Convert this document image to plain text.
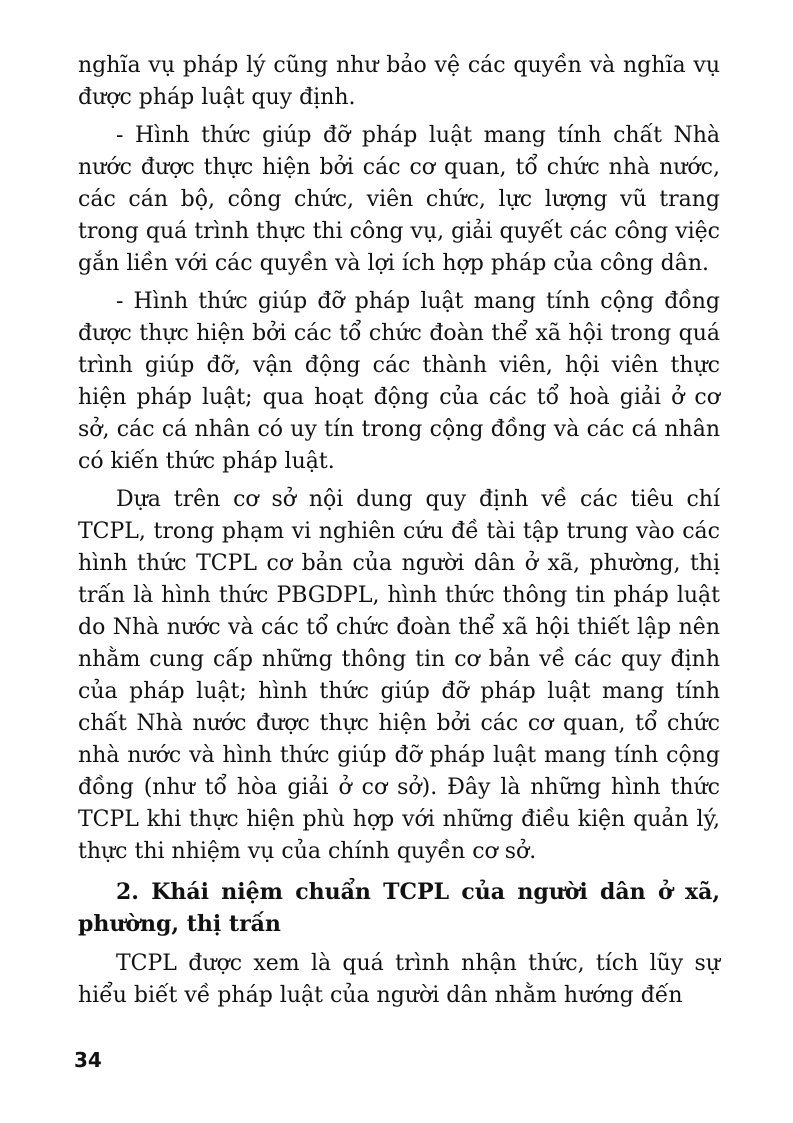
nghĩa vụ pháp lý cũng như bảo vệ các quyền và nghĩa vụ được pháp luật quy định.

- Hình thức giúp đỡ pháp luật mang tính chất Nhà nước được thực hiện bởi các cơ quan, tổ chức nhà nước, các cán bộ, công chức, viên chức, lực lượng vũ trang trong quá trình thực thi công vụ, giải quyết các công việc gắn liền với các quyền và lợi ích hợp pháp của công dân.

- Hình thức giúp đỡ pháp luật mang tính cộng đồng được thực hiện bởi các tổ chức đoàn thể xã hội trong quá trình giúp đỡ, vận động các thành viên, hội viên thực hiện pháp luật; qua hoạt động của các tổ hoà giải ở cơ sở, các cá nhân có uy tín trong cộng đồng và các cá nhân có kiến thức pháp luật.

Dựa trên cơ sở nội dung quy định về các tiêu chí TCPL, trong phạm vi nghiên cứu đề tài tập trung vào các hình thức TCPL cơ bản của người dân ở xã, phường, thị trấn là hình thức PBGDPL, hình thức thông tin pháp luật do Nhà nước và các tổ chức đoàn thể xã hội thiết lập nên nhằm cung cấp những thông tin cơ bản về các quy định của pháp luật; hình thức giúp đỡ pháp luật mang tính chất Nhà nước được thực hiện bởi các cơ quan, tổ chức nhà nước và hình thức giúp đỡ pháp luật mang tính cộng đồng (như tổ hòa giải ở cơ sở). Đây là những hình thức TCPL khi thực hiện phù hợp với những điều kiện quản lý, thực thi nhiệm vụ của chính quyền cơ sở.

2. Khái niệm chuẩn TCPL của người dân ở xã, phường, thị trấn

TCPL được xem là quá trình nhận thức, tích lũy sự hiểu biết về pháp luật của người dân nhằm hướng đến

34
